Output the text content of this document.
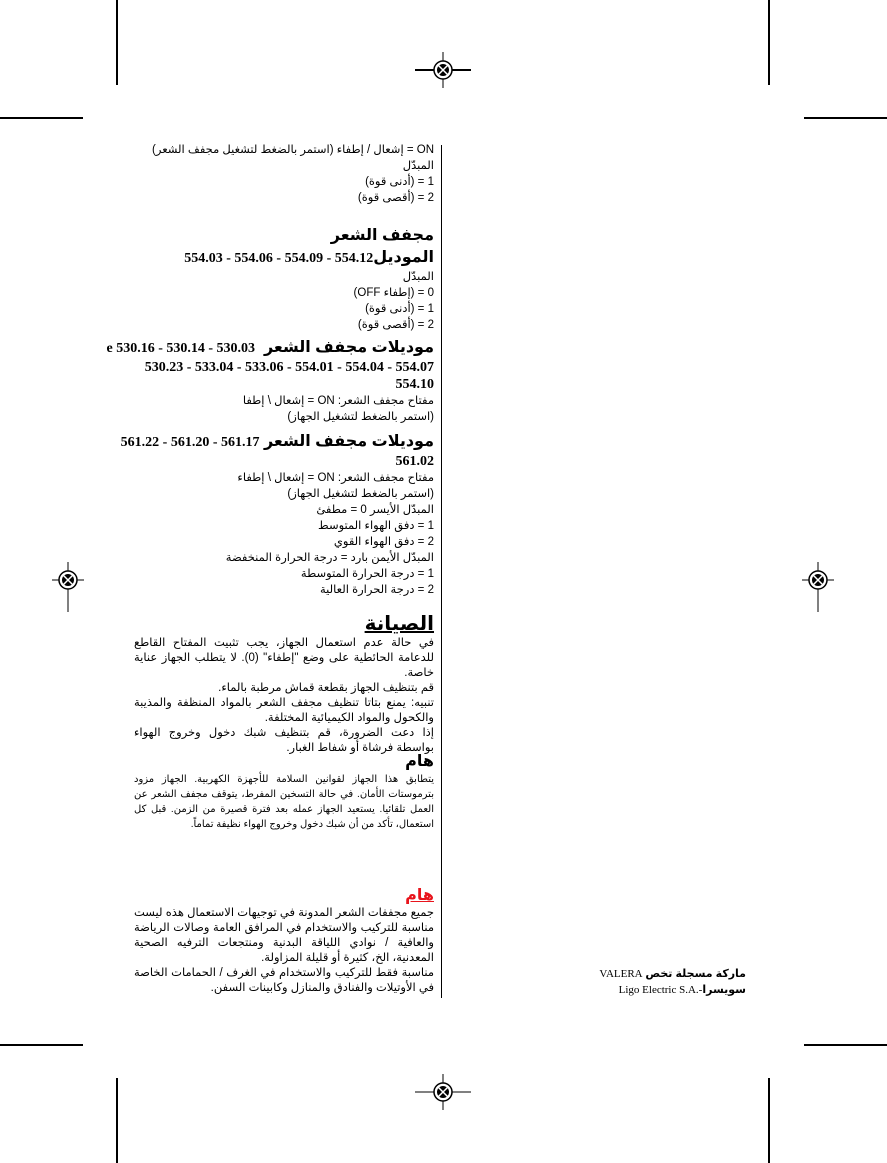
ON = إشعال / إطفاء (استمر بالضغط لتشغيل مجفف الشعر)
المبدّل
1 = (أدنى قوة)
2 = (أقصى قوة)
مجفف الشعر
الموديل554.03 - 554.06 - 554.09 - 554.12
المبدّل
0 = (إطفاء OFF)
1 = (أدنى قوة)
2 = (أقصى قوة)
موديلات مجفف الشعر  e 530.16 - 530.14 - 530.03
530.23 - 533.04 - 533.06 - 554.01 - 554.04 - 554.07
554.10
مفتاح مجفف الشعر: ON = إشعال \ إطفا
(استمر بالضغط لتشغيل الجهاز)
موديلات مجفف الشعر 561.22 - 561.20 - 561.17
561.02
مفتاح مجفف الشعر: ON = إشعال \ إطفاء
(استمر بالضغط لتشغيل الجهاز)
المبدّل الأيسر 0 = مطفئ
1 = دفق الهواء المتوسط
2 = دفق الهواء القوي
المبدّل الأيمن بارد = درجة الحرارة المنخفضة
1 = درجة الحرارة المتوسطة
2 = درجة الحرارة العالية
الصيانة

في حالة عدم استعمال الجهاز، يجب تثبيت المفتاح القاطع للدعامة الحائطية على وضع "إطفاء" (0). لا يتطلب الجهاز عناية خاصة.

قم بتنظيف الجهاز بقطعة قماش مرطبة بالماء.

تنبيه: يمنع بتاتا تنظيف مجفف الشعر بالمواد المنظفة والمذيبة والكحول والمواد الكيميائية المختلفة.

إذا دعت الضرورة، قم بتنظيف شبك دخول وخروج الهواء بواسطة فرشاة أو شفاط الغبار.

هام

يتطابق هذا الجهاز لقوانين السلامة للأجهزة الكهربية. الجهاز مزود بترموستات الأمان. في حالة التسخين المفرط، يتوقف مجفف الشعر عن العمل تلقائيا. يستعيد الجهاز عمله بعد فترة قصيرة من الزمن. قبل كل استعمال، تأكد من أن شبك دخول وخروج الهواء نظيفة تماماً.

هام

جميع مجففات الشعر المدونة في توجيهات الاستعمال هذه ليست مناسبة للتركيب والاستخدام في المرافق العامة وصالات الرياضة والعافية / نوادي اللياقة البدنية ومنتجعات الترفيه الصحية المعدنية، الخ، كثيرة أو قليلة المزاولة.

مناسبة فقط للتركيب والاستخدام في الغرف / الحمامات الخاصة في الأوتيلات والفنادق والمنازل وكابينات السفن.

ماركة مسجلة تخص VALERA
سويسراLigo Electric S.A.-
